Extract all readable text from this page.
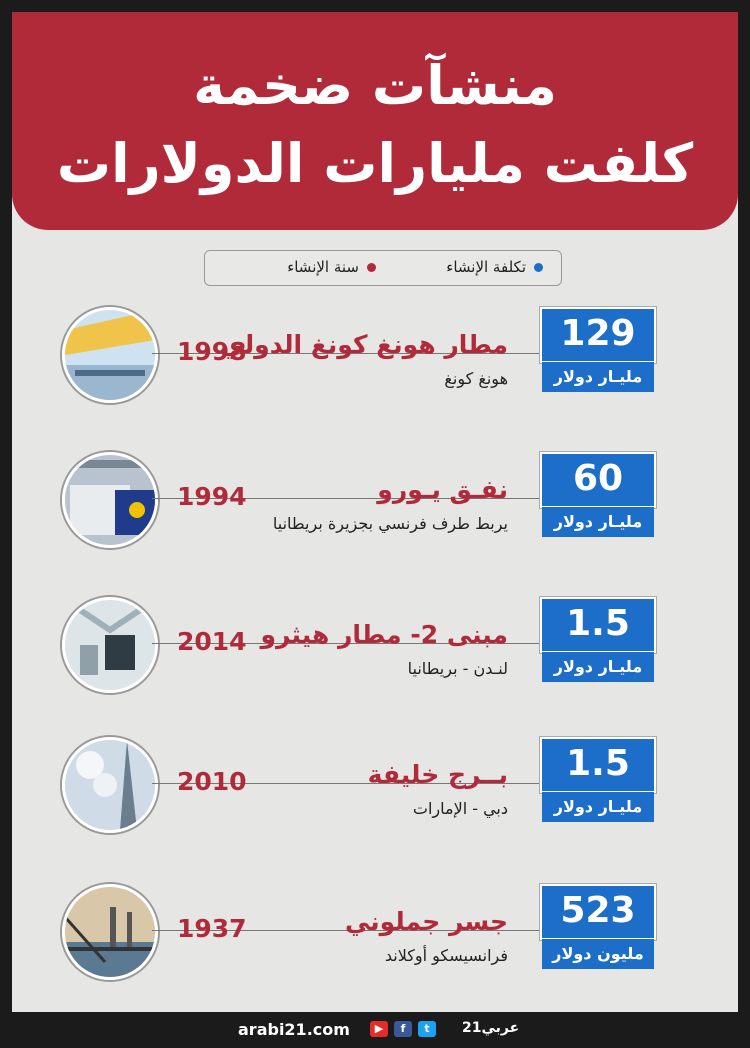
منشآت ضخمة
كلفت مليارات الدولارات
تكلفة الإنشاء
سنة الإنشاء
1998
مطار هونغ كونغ الدولي
هونغ كونغ
129
مليـار دولار
1994	نفـق يـورو
يربط طرف فرنسي بجزيرة بريطانيا
60
مليـار دولار
2014 مبنى 2- مطار هيثرو
لنـدن - بريطانيا
1.5
مليـار دولار
2010	بــرج خليفة
دبي - الإمارات
1.5
مليـار دولار
1937	جسر جملوني
فرانسيسكو أوكلاند
523
مليون دولار
arabi21.com	▶	f	t	عربي21
